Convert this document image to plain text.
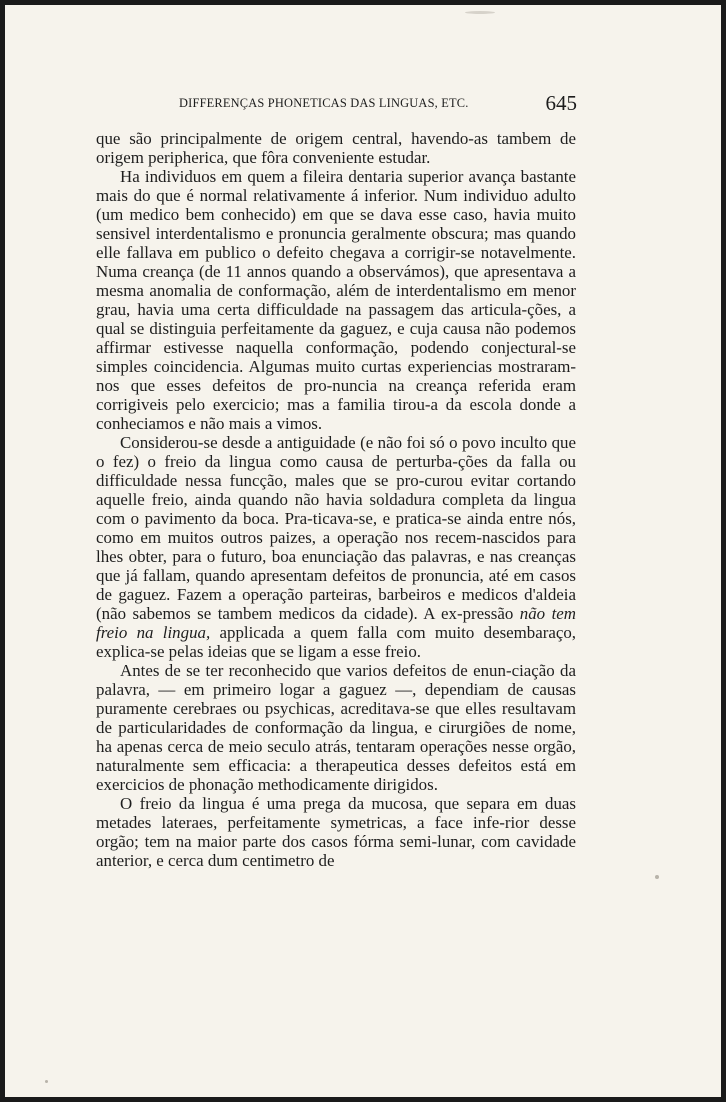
DIFFERENÇAS PHONETICAS DAS LINGUAS, ETC.	645

que são principalmente de origem central, havendo-as tambem de origem peripherica, que fôra conveniente estudar.

Ha individuos em quem a fileira dentaria superior avança bastante mais do que é normal relativamente á inferior. Num individuo adulto (um medico bem conhecido) em que se dava esse caso, havia muito sensivel interdentalismo e pronuncia geralmente obscura; mas quando elle fallava em publico o defeito chegava a corrigir-se notavelmente. Numa creança (de 11 annos quando a observámos), que apresentava a mesma anomalia de conformação, além de interdentalismo em menor grau, havia uma certa difficuldade na passagem das articula-ções, a qual se distinguia perfeitamente da gaguez, e cuja causa não podemos affirmar estivesse naquella conformação, podendo conjectural-se simples coincidencia. Algumas muito curtas experiencias mostraram-nos que esses defeitos de pro-nuncia na creança referida eram corrigiveis pelo exercicio; mas a familia tirou-a da escola donde a conheciamos e não mais a vimos.

Considerou-se desde a antiguidade (e não foi só o povo inculto que o fez) o freio da lingua como causa de perturba-ções da falla ou difficuldade nessa funcção, males que se pro-curou evitar cortando aquelle freio, ainda quando não havia soldadura completa da lingua com o pavimento da boca. Pra-ticava-se, e pratica-se ainda entre nós, como em muitos outros paizes, a operação nos recem-nascidos para lhes obter, para o futuro, boa enunciação das palavras, e nas creanças que já fallam, quando apresentam defeitos de pronuncia, até em casos de gaguez. Fazem a operação parteiras, barbeiros e medicos d'aldeia (não sabemos se tambem medicos da cidade). A ex-pressão não tem freio na lingua, applicada a quem falla com muito desembaraço, explica-se pelas ideias que se ligam a esse freio.

Antes de se ter reconhecido que varios defeitos de enun-ciação da palavra, — em primeiro logar a gaguez —, dependiam de causas puramente cerebraes ou psychicas, acreditava-se que elles resultavam de particularidades de conformação da lingua, e cirurgiões de nome, ha apenas cerca de meio seculo atrás, tentaram operações nesse orgão, naturalmente sem efficacia: a therapeutica desses defeitos está em exercicios de phonação methodicamente dirigidos.

O freio da lingua é uma prega da mucosa, que separa em duas metades lateraes, perfeitamente symetricas, a face infe-rior desse orgão; tem na maior parte dos casos fórma semi-lunar, com cavidade anterior, e cerca dum centimetro de
